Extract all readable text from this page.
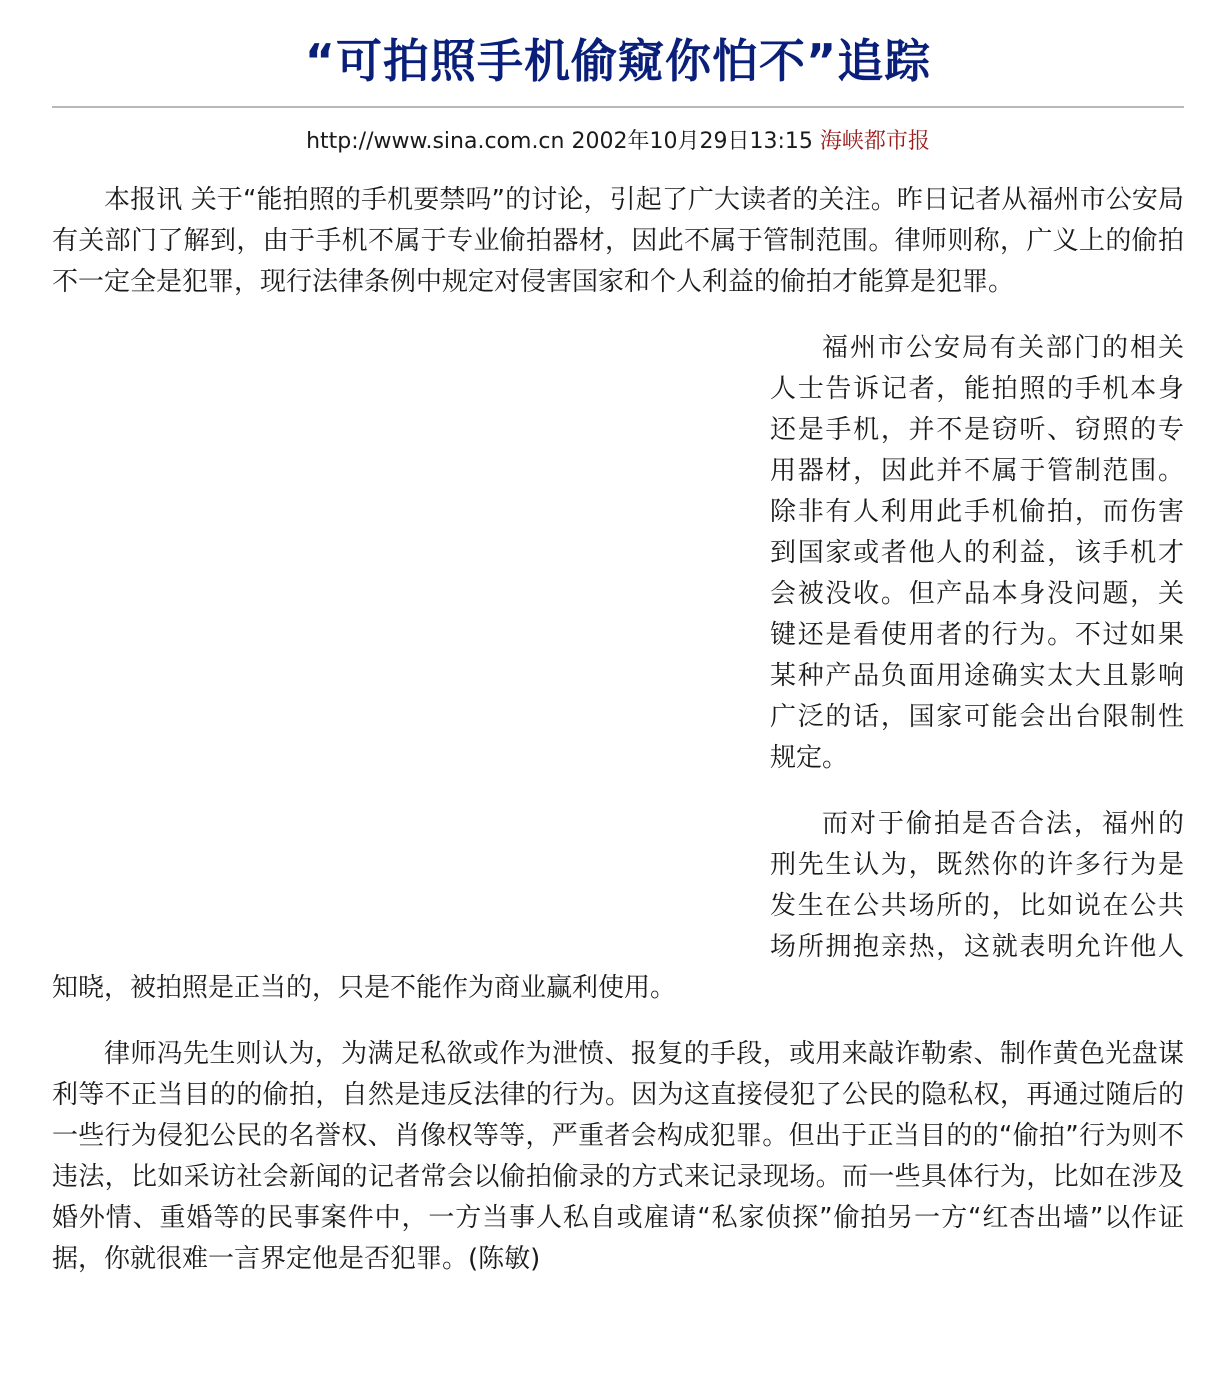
“可拍照手机偷窥你怕不”追踪
http://www.sina.com.cn 2002年10月29日13:15 海峡都市报

本报讯 关于“能拍照的手机要禁吗”的讨论，引起了广大读者的关注。昨日记者从福州市公安局有关部门了解到，由于手机不属于专业偷拍器材，因此不属于管制范围。律师则称，广义上的偷拍不一定全是犯罪，现行法律条例中规定对侵害国家和个人利益的偷拍才能算是犯罪。

福州市公安局有关部门的相关人士告诉记者，能拍照的手机本身还是手机，并不是窃听、窃照的专用器材，因此并不属于管制范围。除非有人利用此手机偷拍，而伤害到国家或者他人的利益，该手机才会被没收。但产品本身没问题，关键还是看使用者的行为。不过如果某种产品负面用途确实太大且影响广泛的话，国家可能会出台限制性规定。

而对于偷拍是否合法，福州的刑先生认为，既然你的许多行为是发生在公共场所的，比如说在公共场所拥抱亲热，这就表明允许他人知晓，被拍照是正当的，只是不能作为商业赢利使用。

律师冯先生则认为，为满足私欲或作为泄愤、报复的手段，或用来敲诈勒索、制作黄色光盘谋利等不正当目的的偷拍，自然是违反法律的行为。因为这直接侵犯了公民的隐私权，再通过随后的一些行为侵犯公民的名誉权、肖像权等等，严重者会构成犯罪。但出于正当目的的“偷拍”行为则不违法，比如采访社会新闻的记者常会以偷拍偷录的方式来记录现场。而一些具体行为，比如在涉及婚外情、重婚等的民事案件中，一方当事人私自或雇请“私家侦探”偷拍另一方“红杏出墙”以作证据，你就很难一言界定他是否犯罪。(陈敏)
